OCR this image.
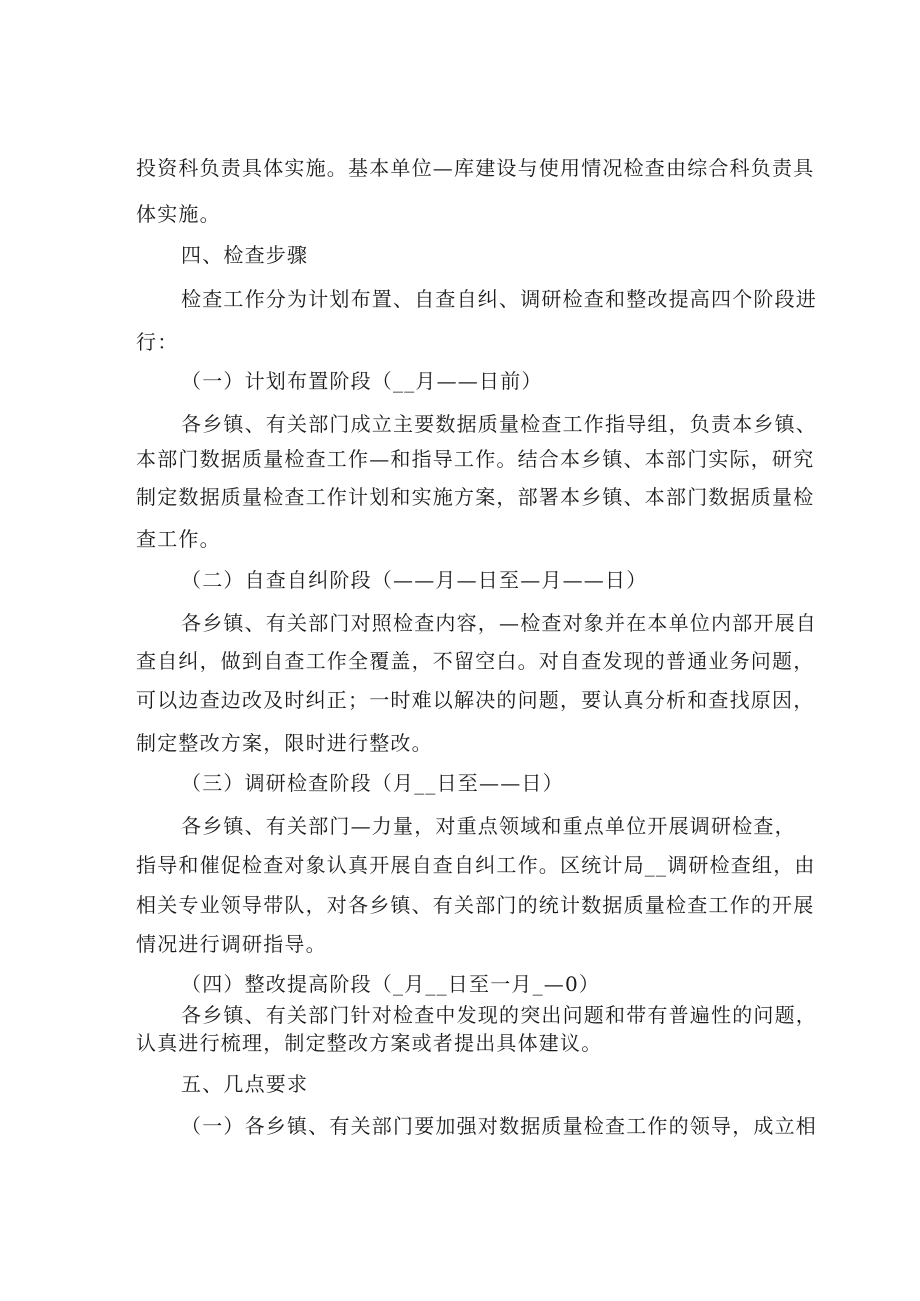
投资科负责具体实施。基本单位—库建设与使用情况检查由综合科负责具
体实施。
四、检查步骤
检查工作分为计划布置、自查自纠、调研检查和整改提高四个阶段进
行：
（一）计划布置阶段（__月——日前）
各乡镇、有关部门成立主要数据质量检查工作指导组，负责本乡镇、
本部门数据质量检查工作—和指导工作。结合本乡镇、本部门实际，研究
制定数据质量检查工作计划和实施方案，部署本乡镇、本部门数据质量检
查工作。
（二）自查自纠阶段（——月—日至—月——日）
各乡镇、有关部门对照检查内容，—检查对象并在本单位内部开展自
查自纠，做到自查工作全覆盖，不留空白。对自查发现的普通业务问题，
可以边查边改及时纠正；一时难以解决的问题，要认真分析和查找原因，
制定整改方案，限时进行整改。
（三）调研检查阶段（月__日至——日）
各乡镇、有关部门—力量，对重点领域和重点单位开展调研检查，
指导和催促检查对象认真开展自查自纠工作。区统计局__调研检查组，由
相关专业领导带队，对各乡镇、有关部门的统计数据质量检查工作的开展
情况进行调研指导。
（四）整改提高阶段（_月__日至一月_—0）
各乡镇、有关部门针对检查中发现的突出问题和带有普遍性的问题，
认真进行梳理，制定整改方案或者提出具体建议。
五、几点要求
（一）各乡镇、有关部门要加强对数据质量检查工作的领导，成立相
